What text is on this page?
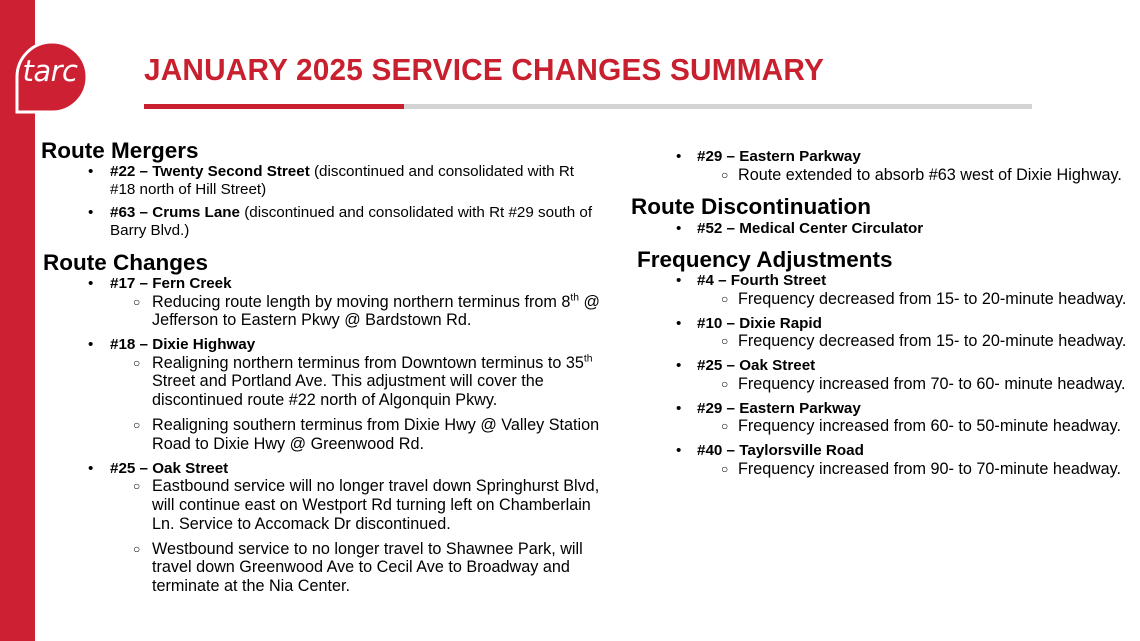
tarc	JANUARY 2025 SERVICE CHANGES SUMMARY
Route Mergers
• #22 – Twenty Second Street (discontinued and consolidated with Rt #18 north of Hill Street)
• #63 – Crums Lane (discontinued and consolidated with Rt #29 south of Barry Blvd.)
Route Changes
• #17 – Fern Creek
○ Reducing route length by moving northern terminus from 8th @ Jefferson to Eastern Pkwy @ Bardstown Rd.
• #18 – Dixie Highway
○ Realigning northern terminus from Downtown terminus to 35th Street and Portland Ave. This adjustment will cover the discontinued route #22 north of Algonquin Pkwy.
○ Realigning southern terminus from Dixie Hwy @ Valley Station Road to Dixie Hwy @ Greenwood Rd.
• #25 – Oak Street
○ Eastbound service will no longer travel down Springhurst Blvd, will continue east on Westport Rd turning left on Chamberlain Ln. Service to Accomack Dr discontinued.
○ Westbound service to no longer travel to Shawnee Park, will travel down Greenwood Ave to Cecil Ave to Broadway and terminate at the Nia Center.
• #29 – Eastern Parkway
○ Route extended to absorb #63 west of Dixie Highway.
Route Discontinuation
• #52 – Medical Center Circulator
Frequency Adjustments
• #4 – Fourth Street
○ Frequency decreased from 15- to 20-minute headway.
• #10 – Dixie Rapid
○ Frequency decreased from 15- to 20-minute headway.
• #25 – Oak Street
○ Frequency increased from 70- to 60- minute headway.
• #29 – Eastern Parkway
○ Frequency increased from 60- to 50-minute headway.
• #40 – Taylorsville Road
○ Frequency increased from 90- to 70-minute headway.
